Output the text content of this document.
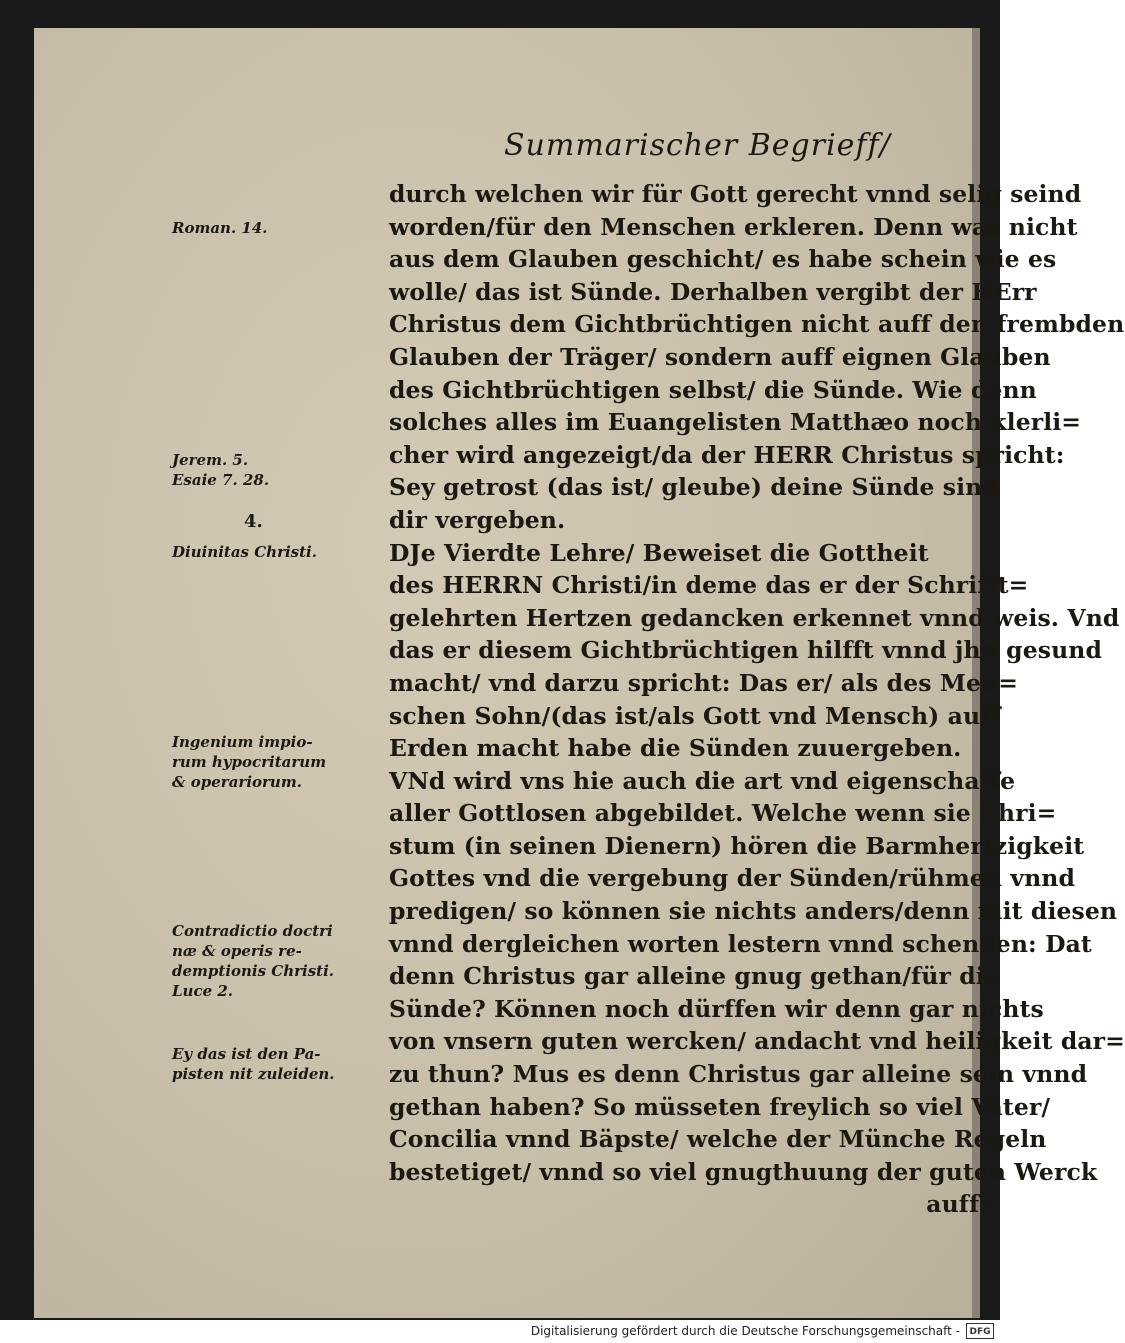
Summarischer Begrieff/
durch welchen wir für Gott gerecht vnnd selig seind
worden/für den Menschen erkleren. Denn was nicht
aus dem Glauben geschicht/ es habe schein wie es
wolle/ das ist Sünde. Derhalben vergibt der HErr
Christus dem Gichtbrüchtigen nicht auff den frembden
Glauben der Träger/ sondern auff eignen Glauben
des Gichtbrüchtigen selbst/ die Sünde. Wie denn
solches alles im Euangelisten Matthæo noch klerli=
cher wird angezeigt/da der HERR Christus spricht:
Sey getrost (das ist/ gleube) deine Sünde sind
dir vergeben.
DJe Vierdte Lehre/ Beweiset die Gottheit
des HERRN Christi/in deme das er der Schrifft=
gelehrten Hertzen gedancken erkennet vnnd weis. Vnd
das er diesem Gichtbrüchtigen hilfft vnnd jhn gesund
macht/ vnd darzu spricht: Das er/ als des Men=
schen Sohn/(das ist/als Gott vnd Mensch) auff
Erden macht habe die Sünden zuuergeben.
VNd wird vns hie auch die art vnd eigenschaffe
aller Gottlosen abgebildet. Welche wenn sie Chri=
stum (in seinen Dienern) hören die Barmhertzigkeit
Gottes vnd die vergebung der Sünden/rühmen vnnd
predigen/ so können sie nichts anders/denn mit diesen
vnnd dergleichen worten lestern vnnd schenden: Dat
denn Christus gar alleine gnug gethan/für die
Sünde? Können noch dürffen wir denn gar nichts
von vnsern guten wercken/ andacht vnd heiligkeit dar=
zu thun? Mus es denn Christus gar alleine sein vnnd
gethan haben? So müsseten freylich so viel Väter/
Concilia vnnd Bäpste/ welche der Münche Regeln
bestetiget/ vnnd so viel gnugthuung der guten Werck
auff=
Roman. 14.
Jerem. 5.
Esaie 7. 28.
4.
Diuinitas Christi.
Ingenium impio-
rum hypocritarum
& operariorum.
Contradictio doctri
næ & operis re-
demptionis Christi.
Luce 2.
Ey das ist den Pa-
pisten nit zuleiden.
Digitalisierung gefördert durch die Deutsche Forschungsgemeinschaft -	DFG
